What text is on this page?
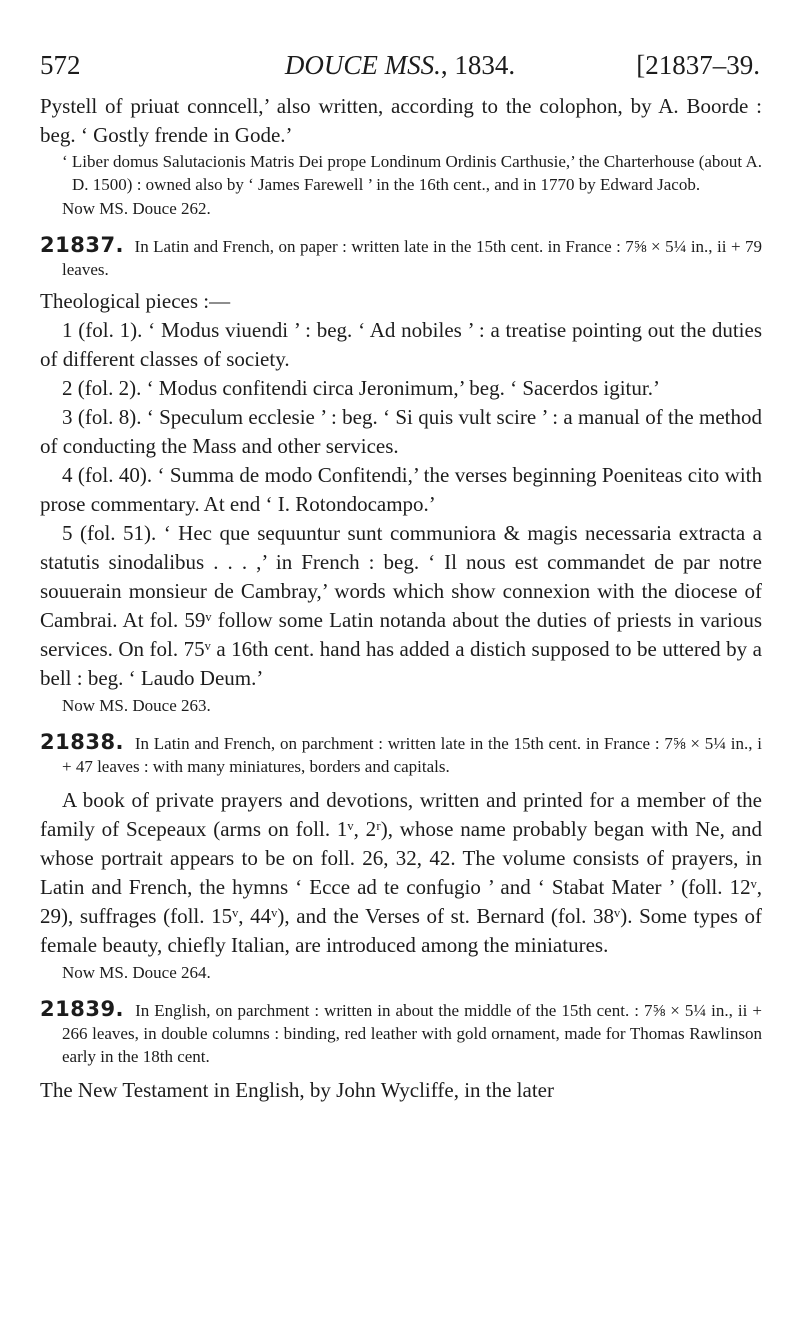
572	DOUCE MSS., 1834.	[21837–39.

Pystell of priuat conncell,’ also written, according to the colophon, by A. Boorde : beg. ‘ Gostly frende in Gode.’

‘ Liber domus Salutacionis Matris Dei prope Londinum Ordinis Carthusie,’ the Charterhouse (about A. D. 1500) : owned also by ‘ James Farewell ’ in the 16th cent., and in 1770 by Edward Jacob.

Now MS. Douce 262.

21837. In Latin and French, on paper : written late in the 15th cent. in France : 7⅝ × 5¼ in., ii + 79 leaves.

Theological pieces :—

1 (fol. 1). ‘ Modus viuendi ’ : beg. ‘ Ad nobiles ’ : a treatise pointing out the duties of different classes of society.

2 (fol. 2). ‘ Modus confitendi circa Jeronimum,’ beg. ‘ Sacerdos igitur.’

3 (fol. 8). ‘ Speculum ecclesie ’ : beg. ‘ Si quis vult scire ’ : a manual of the method of conducting the Mass and other services.

4 (fol. 40). ‘ Summa de modo Confitendi,’ the verses beginning Poeniteas cito with prose commentary. At end ‘ I. Rotondocampo.’

5 (fol. 51). ‘ Hec que sequuntur sunt communiora & magis necessaria extracta a statutis sinodalibus . . . ,’ in French : beg. ‘ Il nous est commandet de par notre souuerain monsieur de Cambray,’ words which show connexion with the diocese of Cambrai. At fol. 59ᵛ follow some Latin notanda about the duties of priests in various services. On fol. 75ᵛ a 16th cent. hand has added a distich supposed to be uttered by a bell : beg. ‘ Laudo Deum.’

Now MS. Douce 263.

21838. In Latin and French, on parchment : written late in the 15th cent. in France : 7⅝ × 5¼ in., i + 47 leaves : with many miniatures, borders and capitals.

A book of private prayers and devotions, written and printed for a member of the family of Scepeaux (arms on foll. 1ᵛ, 2ʳ), whose name probably began with Ne, and whose portrait appears to be on foll. 26, 32, 42. The volume consists of prayers, in Latin and French, the hymns ‘ Ecce ad te confugio ’ and ‘ Stabat Mater ’ (foll. 12ᵛ, 29), suffrages (foll. 15ᵛ, 44ᵛ), and the Verses of st. Bernard (fol. 38ᵛ). Some types of female beauty, chiefly Italian, are introduced among the miniatures.

Now MS. Douce 264.

21839. In English, on parchment : written in about the middle of the 15th cent. : 7⅝ × 5¼ in., ii + 266 leaves, in double columns : binding, red leather with gold ornament, made for Thomas Rawlinson early in the 18th cent.

The New Testament in English, by John Wycliffe, in the later
